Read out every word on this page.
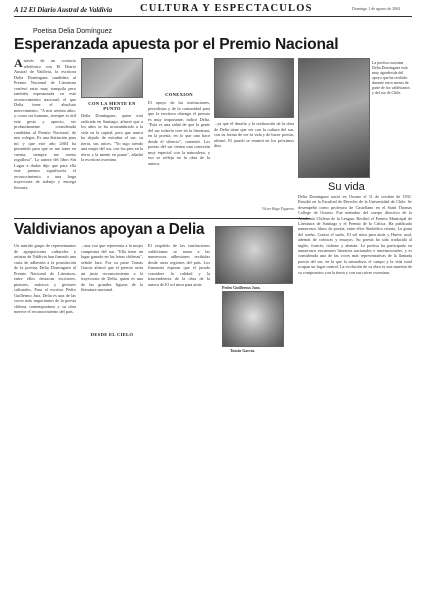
A 12 El Diario Austral de Valdivia	CULTURA Y ESPECTACULOS	Domingo 1 de agosto de 2004
Poetisa Delia Domínguez
Esperanzada apuesta por el Premio Nacional
Através de un contacto telefónico con El Diario Austral de Valdivia, la escritora Delia Domínguez candidata al Premio Nacional de Literatura confesó estar muy tranquila pero también esperanzada en este reconocimiento nacional, el que Delia tiene el absoluto merecimiento. "A mis setenta años, y como ser humano, siempre es útil este gesto y aprecio, ser profundamente considerada candidata al Premio Nacional, de mis colegas. Es una distinción para mí y que este año 2004 ha permitido para que se me tome en cuenta, siempre me siento orgullosa". La autora del libro Sin Lugar a dudas dijo que para ella este premio significaría el reconocimiento a una larga trayectoria de trabajo y entrega literaria.
CON LA MENTE EN PUNTO
Delia Domínguez, quien está radicada en Santiago, afirmó que a los años se ha acostumbrado a la vida en la capital, pero que nunca ha dejado de extrañar el sur, su tierra, sus raíces. "Yo sigo siendo una mujer del sur, con los pies en la tierra y la mente en punto", añadió la escritora osornina.
CONEXION
El apoyo de las instituciones, periodistas y de la comunidad para que la escritora obtenga el premio es muy importante, indicó Delia. "Esta es una señal de que la gente del sur todavía cree en la literatura, en la poesía, en lo que uno hace desde el silencio", comentó. Los poetas del sur tienen una conexión muy especial con la naturaleza, y eso se refleja en la obra de la autora.
...ya que el desafío y la realización de la obra de Delia tiene que ver con la cultura del sur, con su forma de ver la vida y de hacer poesía, afirmó. El jurado se reunirá en los próximos días.
Víctor Hugo Figueroa
La poetisa osornina Delia Domínguez está muy agradecida del apoyo que ha recibido durante estos meses de parte de los valdivianos y del sur de Chile.
Valdivianos apoyan a Delia
Un nutrido grupo de representantes de agrupaciones culturales y artistas de Valdivia han firmado una carta de adhesión a la postulación de la poetisa Delia Domínguez al Premio Nacional de Literatura, entre ellos destacan escritores, pintores, músicos y gestores culturales. Para el escritor Pedro Guillermo Jara, Delia es una de las voces más importantes de la poesía chilena contemporánea y su obra merece el reconocimiento del país.
...una voz que representa a la mujer campesina del sur. "Ella tiene un lugar ganado en las letras chilenas", señaló Jara. Por su parte Tomás García afirmó que el premio sería un justo reconocimiento a la trayectoria de Delia, quien es una de las grandes figuras de la literatura nacional.
DESDE EL CIELO
El respaldo de las instituciones valdivianas se suma a las numerosas adhesiones recibidas desde otras regiones del país. Los firmantes esperan que el jurado considere la calidad y la trascendencia de la obra de la autora de El sol mira para atrás.
Pedro Guillermo Jara.
Tomás García.
Su vida
Delia Domínguez nació en Osorno el 11 de octubre de 1931. Estudió en la Facultad de Derecho de la Universidad de Chile. Se desempeñó como profesora de Castellano en el Saint Thomas College de Osorno. Fue miembro del cuerpo directivo de la Academia Chilena de la Lengua. Recibió el Premio Municipal de Literatura de Santiago y el Premio de la Crítica. Ha publicado numerosos libros de poesía, entre ellos Simbólico retrato, La gruta del sueño, Contra el suelo, El sol mira para atrás y Huevo azul, además de crónicas y ensayos. Su poesía ha sido traducida al inglés, francés, italiano y alemán. La poetisa ha participado en numerosos encuentros literarios nacionales e internacionales, y es considerada una de las voces más representativas de la llamada poesía del sur, en la que la naturaleza, el campo y la vida rural ocupan un lugar central. La evolución de su obra es una muestra de su compromiso con la tierra y con sus raíces osorninas.
